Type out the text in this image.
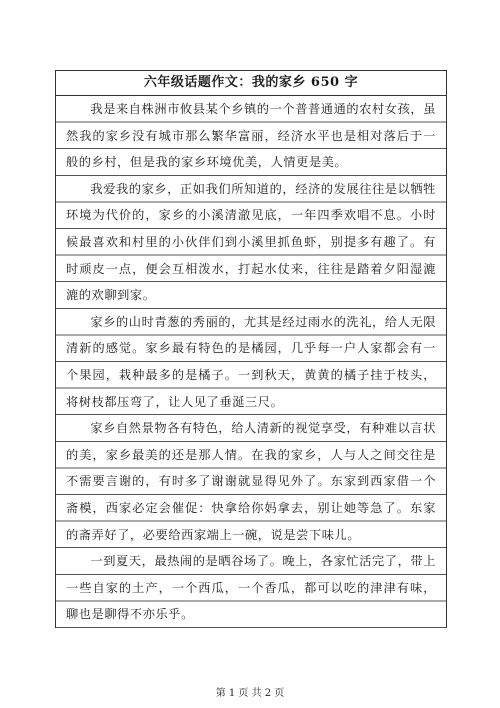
六年级话题作文：我的家乡 650 字

我是来自株洲市攸县某个乡镇的一个普普通通的农村女孩，虽然我的家乡没有城市那么繁华富丽，经济水平也是相对落后于一般的乡村，但是我的家乡环境优美，人情更是美。

我爱我的家乡，正如我们所知道的，经济的发展往往是以牺牲环境为代价的，家乡的小溪清澈见底，一年四季欢唱不息。小时候最喜欢和村里的小伙伴们到小溪里抓鱼虾，别提多有趣了。有时顽皮一点，便会互相泼水，打起水仗来，往往是踏着夕阳湿漉漉的欢聊到家。

家乡的山时青葱的秀丽的，尤其是经过雨水的洗礼，给人无限清新的感觉。家乡最有特色的是橘园，几乎每一户人家都会有一个果园，栽种最多的是橘子。一到秋天，黄黄的橘子挂于枝头，将树枝都压弯了，让人见了垂涎三尺。

家乡自然景物各有特色，给人清新的视觉享受，有种难以言状的美，家乡最美的还是那人情。在我的家乡，人与人之间交往是不需要言谢的，有时多了谢谢就显得见外了。东家到西家借一个斋模，西家必定会催促：快拿给你妈拿去，别让她等急了。东家的斋弄好了，必要给西家端上一碗，说是尝下味儿。

一到夏天，最热闹的是晒谷场了。晚上，各家忙活完了，带上一些自家的土产，一个西瓜，一个香瓜，都可以吃的津津有味，聊也是聊得不亦乐乎。

第 1 页 共 2 页
